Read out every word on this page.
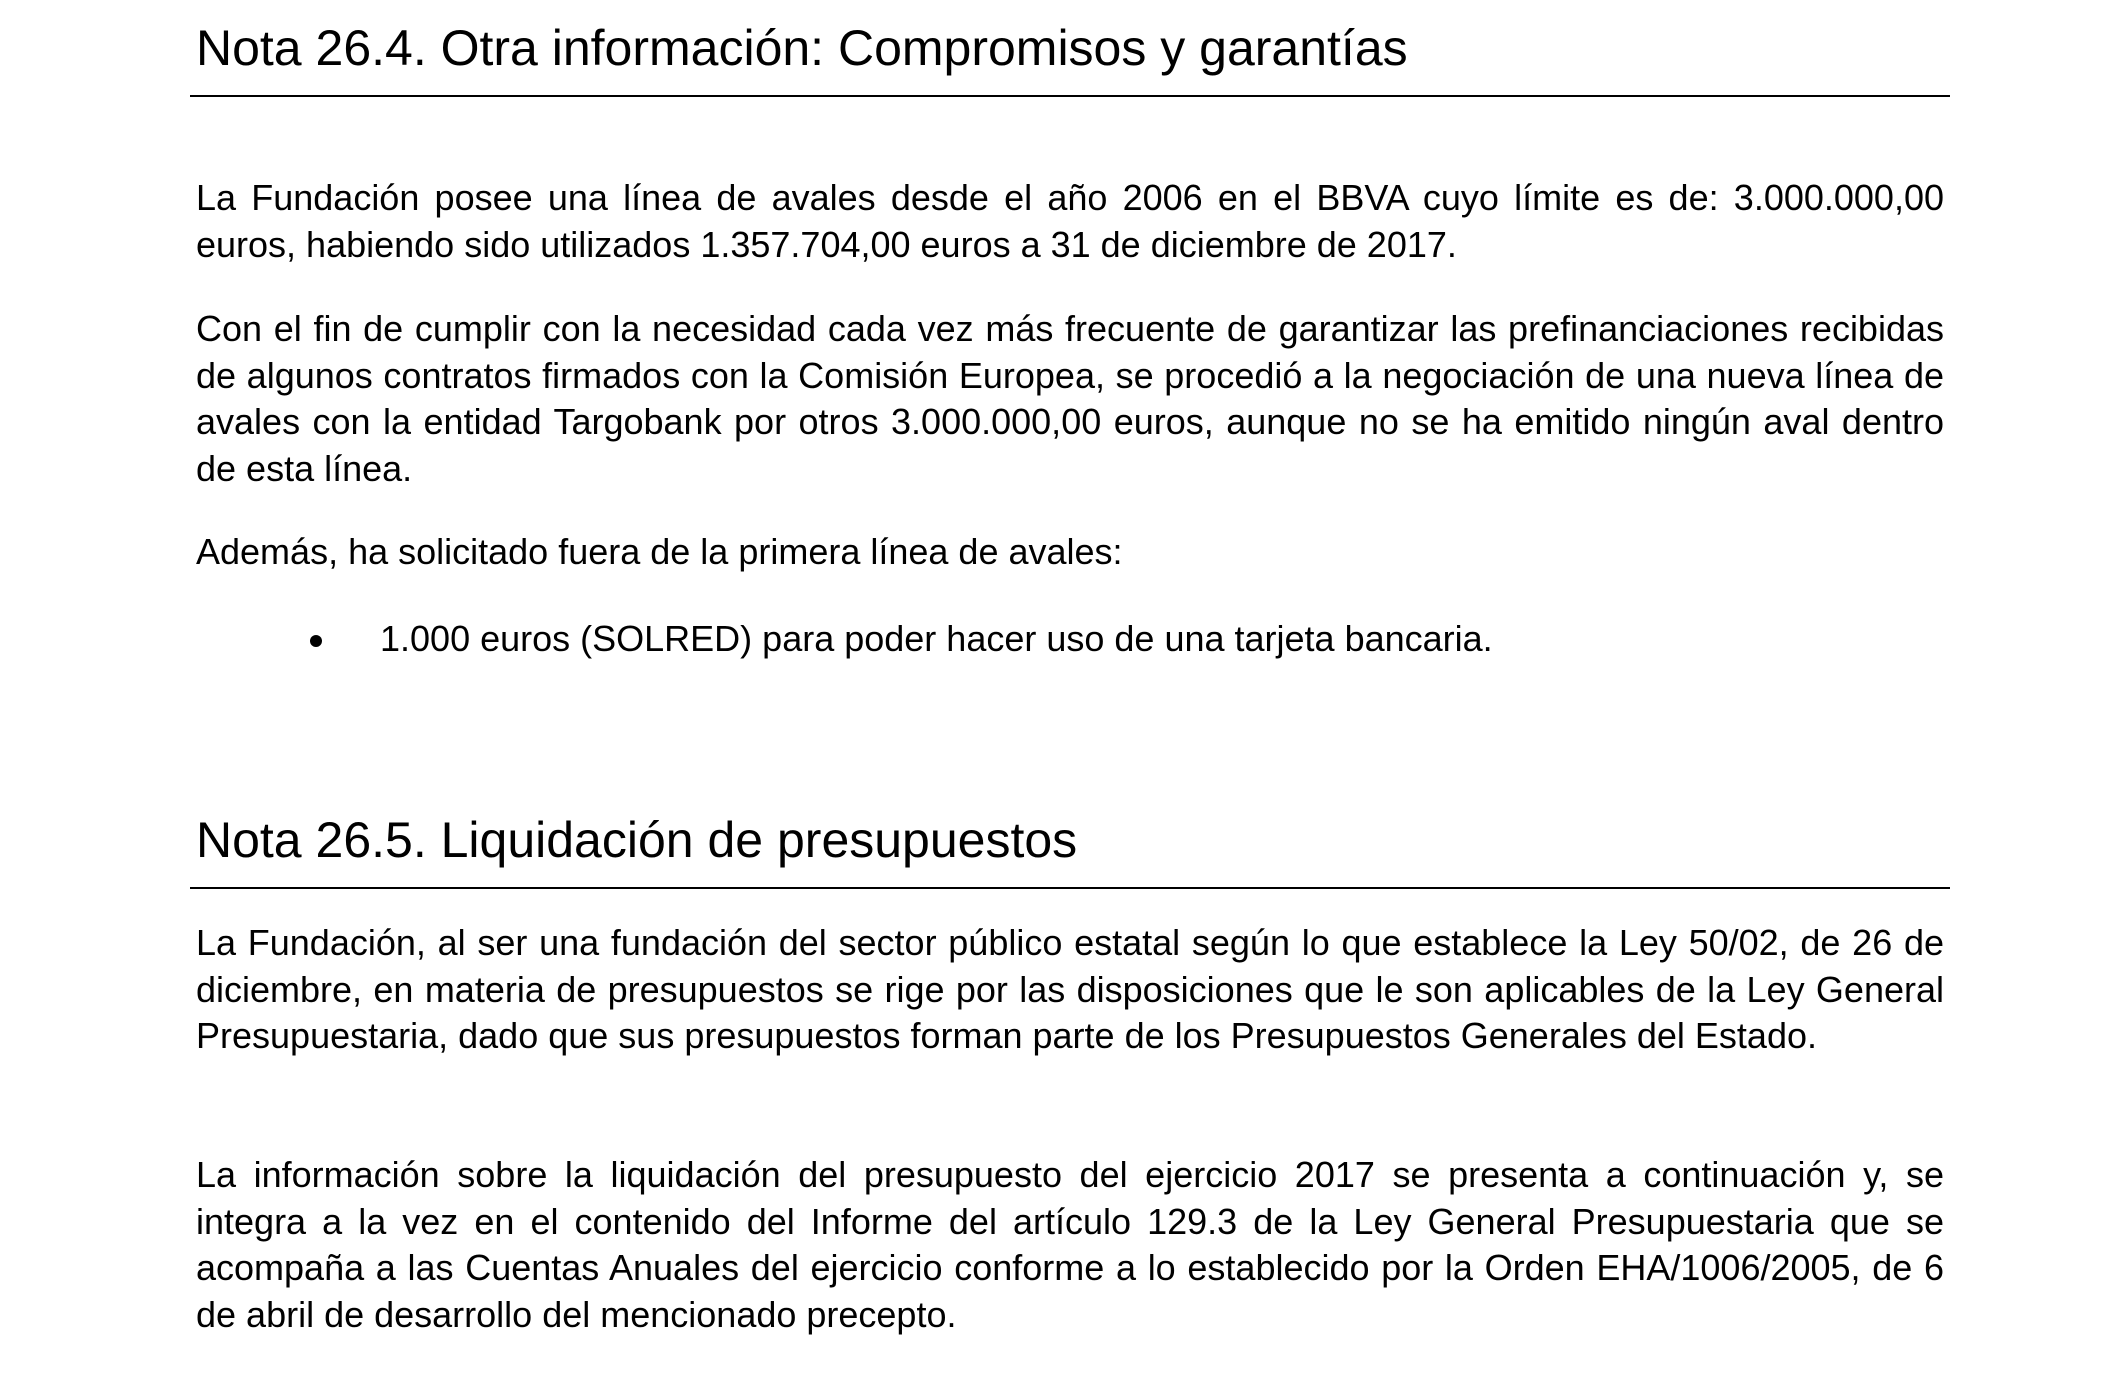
Nota 26.4. Otra información: Compromisos y garantías

La Fundación posee una línea de avales desde el año 2006 en el BBVA cuyo límite es de: 3.000.000,00 euros, habiendo sido utilizados 1.357.704,00 euros a 31 de diciembre de 2017.

Con el fin de cumplir con la necesidad cada vez más frecuente de garantizar las prefinanciaciones recibidas de algunos contratos firmados con la Comisión Europea, se procedió a la negociación de una nueva línea de avales con la entidad Targobank por otros 3.000.000,00 euros, aunque no se ha emitido ningún aval dentro de esta línea.

Además, ha solicitado fuera de la primera línea de avales:

1.000 euros (SOLRED) para poder hacer uso de una tarjeta bancaria.
Nota 26.5. Liquidación de presupuestos

La Fundación, al ser una fundación del sector público estatal según lo que establece la Ley 50/02, de 26 de diciembre, en materia de presupuestos se rige por las disposiciones que le son aplicables de la Ley General Presupuestaria, dado que sus presupuestos forman parte de los Presupuestos Generales del Estado.

La información sobre la liquidación del presupuesto del ejercicio 2017 se presenta a continuación y, se integra a la vez en el contenido del Informe del artículo 129.3 de la Ley General Presupuestaria que se acompaña a las Cuentas Anuales del ejercicio conforme a lo establecido por la Orden EHA/1006/2005, de 6 de abril de desarrollo del mencionado precepto.
